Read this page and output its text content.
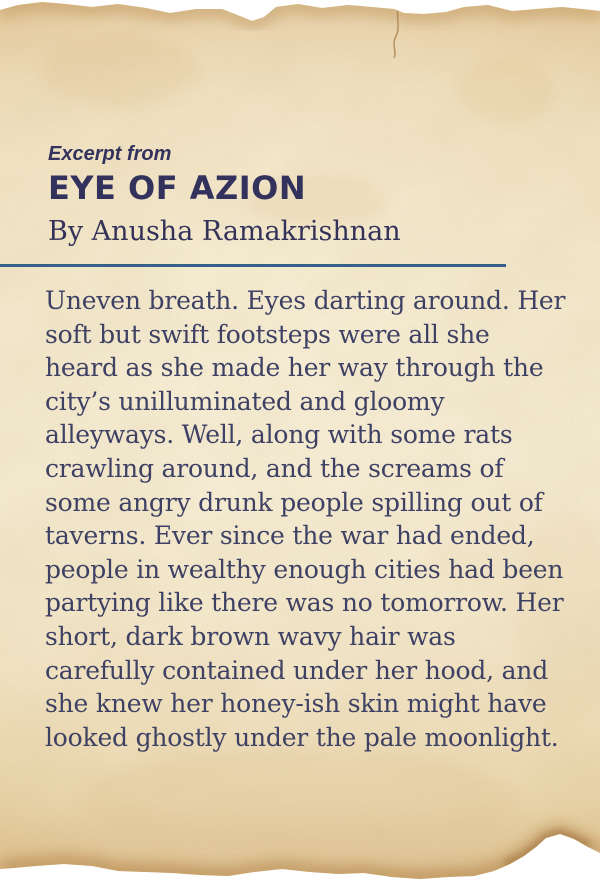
Excerpt from
EYE OF AZION
By Anusha Ramakrishnan
Uneven breath. Eyes darting around. Her soft but swift footsteps were all she heard as she made her way through the city’s unilluminated and gloomy alleyways. Well, along with some rats crawling around, and the screams of some angry drunk people spilling out of taverns. Ever since the war had ended, people in wealthy enough cities had been partying like there was no tomorrow. Her short, dark brown wavy hair was carefully contained under her hood, and she knew her honey-ish skin might have looked ghostly under the pale moonlight.
